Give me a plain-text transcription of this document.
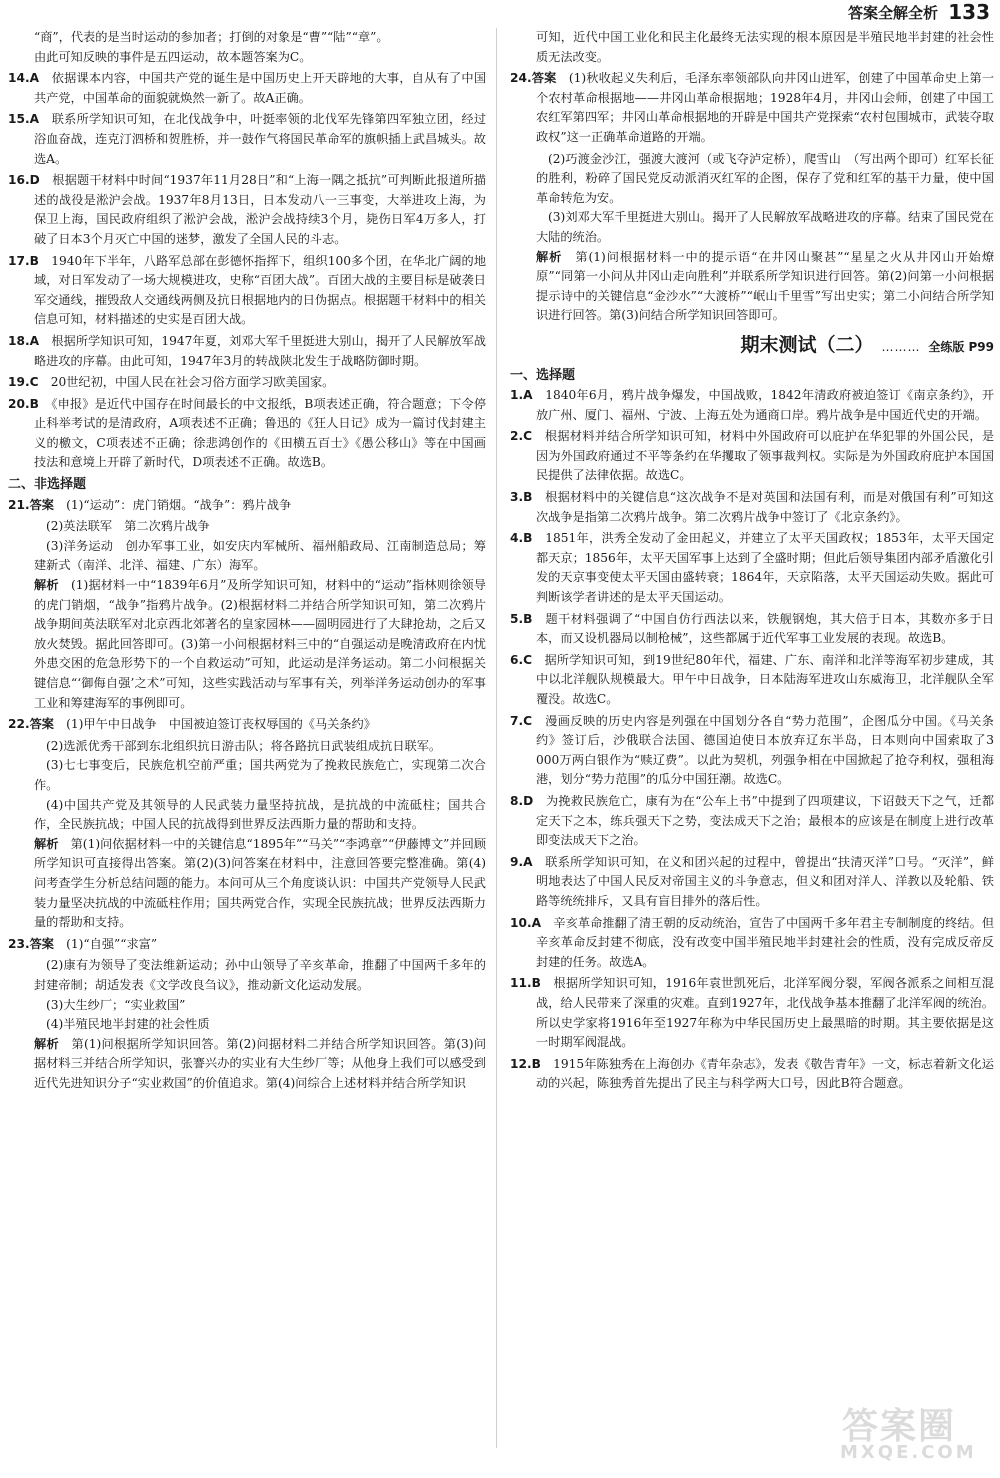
答案全解全析 133
“商”，代表的是当时运动的参加者；打倒的对象是“曹”“陆”“章”。
由此可知反映的事件是五四运动，故本题答案为C。
14.A　 依据课本内容，中国共产党的诞生是中国历史上开天辟地的大事，自从有了中国共产党，中国革命的面貌就焕然一新了。故A正确。
15.A　 联系所学知识可知，在北伐战争中，叶挺率领的北伐军先锋第四军独立团，经过浴血奋战，连克汀泗桥和贺胜桥，并一鼓作气将国民革命军的旗帜插上武昌城头。故选A。
16.D　 根据题干材料中时间“1937年11月28日”和“上海一隅之抵抗”可判断此报道所描述的战役是淞沪会战。1937年8月13日，日本发动八一三事变，大举进攻上海，为保卫上海，国民政府组织了淞沪会战，淞沪会战持续3个月，毙伤日军4万多人，打破了日本3个月灭亡中国的迷梦，激发了全国人民的斗志。
17.B　 1940年下半年，八路军总部在彭德怀指挥下，组织100多个团，在华北广阔的地域，对日军发动了一场大规模进攻，史称“百团大战”。百团大战的主要目标是破袭日军交通线，摧毁敌人交通线两侧及抗日根据地内的日伪据点。根据题干材料中的相关信息可知，材料描述的史实是百团大战。
18.A　 根据所学知识可知，1947年夏，刘邓大军千里挺进大别山，揭开了人民解放军战略进攻的序幕。由此可知，1947年3月的转战陕北发生于战略防御时期。
19.C　 20世纪初，中国人民在社会习俗方面学习欧美国家。
20.B　 《申报》是近代中国存在时间最长的中文报纸，B项表述正确，符合题意；下令停止科举考试的是清政府，A项表述不正确；鲁迅的《狂人日记》成为一篇讨伐封建主义的檄文，C项表述不正确；徐悲鸿创作的《田横五百士》《愚公移山》等在中国画技法和意境上开辟了新时代，D项表述不正确。故选B。
二、非选择题
21.答案　 (1)“运动”：虎门销烟。“战争”：鸦片战争
(2)英法联军　第二次鸦片战争
(3)洋务运动　创办军事工业，如安庆内军械所、福州船政局、江南制造总局；筹建新式（南洋、北洋、福建、广东）海军。
解析　 (1)据材料一中“1839年6月”及所学知识可知，材料中的“运动”指林则徐领导的虎门销烟，“战争”指鸦片战争。(2)根据材料二并结合所学知识可知，第二次鸦片战争期间英法联军对北京西北郊著名的皇家园林——圆明园进行了大肆抢劫，之后又放火焚毁。据此回答即可。(3)第一小问根据材料三中的“自强运动是晚清政府在内忧外患交困的危急形势下的一个自救运动”可知，此运动是洋务运动。第二小问根据关键信息“‘御侮自强’之术”可知，这些实践活动与军事有关，列举洋务运动创办的军事工业和筹建海军的事例即可。
22.答案　 (1)甲午中日战争　中国被迫签订丧权辱国的《马关条约》
(2)选派优秀干部到东北组织抗日游击队；将各路抗日武装组成抗日联军。
(3)七七事变后，民族危机空前严重；国共两党为了挽救民族危亡，实现第二次合作。
(4)中国共产党及其领导的人民武装力量坚持抗战，是抗战的中流砥柱；国共合作，全民族抗战；中国人民的抗战得到世界反法西斯力量的帮助和支持。
解析　 第(1)问依据材料一中的关键信息“1895年”“马关”“李鸿章”“伊藤博文”并回顾所学知识可直接得出答案。第(2)(3)问答案在材料中，注意回答要完整准确。第(4)问考查学生分析总结问题的能力。本问可从三个角度谈认识：中国共产党领导人民武装力量坚决抗战的中流砥柱作用；国共两党合作，实现全民族抗战；世界反法西斯力量的帮助和支持。
23.答案　 (1)“自强”“求富”
(2)康有为领导了变法维新运动；孙中山领导了辛亥革命，推翻了中国两千多年的封建帝制；胡适发表《文学改良刍议》，推动新文化运动发展。
(3)大生纱厂；“实业救国”
(4)半殖民地半封建的社会性质
解析　 第(1)问根据所学知识回答。第(2)问据材料二并结合所学知识回答。第(3)问据材料三并结合所学知识，张謇兴办的实业有大生纱厂等；从他身上我们可以感受到近代先进知识分子“实业救国”的价值追求。第(4)问综合上述材料并结合所学知识
可知，近代中国工业化和民主化最终无法实现的根本原因是半殖民地半封建的社会性质无法改变。
24.答案　 (1)秋收起义失利后，毛泽东率领部队向井冈山进军，创建了中国革命史上第一个农村革命根据地——井冈山革命根据地；1928年4月，井冈山会师，创建了中国工农红军第四军；井冈山革命根据地的开辟是中国共产党探索“农村包围城市，武装夺取政权”这一正确革命道路的开端。
(2)巧渡金沙江，强渡大渡河（或飞夺泸定桥），爬雪山　（写出两个即可）红军长征的胜利，粉碎了国民党反动派消灭红军的企图，保存了党和红军的基干力量，使中国革命转危为安。
(3)刘邓大军千里挺进大别山。揭开了人民解放军战略进攻的序幕。结束了国民党在大陆的统治。
解析　 第(1)问根据材料一中的提示语“在井冈山聚甚”“星星之火从井冈山开始燎原”“同第一小问从井冈山走向胜利”并联系所学知识进行回答。第(2)问第一小问根据提示诗中的关键信息“金沙水”“大渡桥”“岷山千里雪”写出史实；第二小问结合所学知识进行回答。第(3)问结合所学知识回答即可。
期末测试（二） ……… 全练版 P99
一、选择题
1.A　 1840年6月，鸦片战争爆发，中国战败，1842年清政府被迫签订《南京条约》，开放广州、厦门、福州、宁波、上海五处为通商口岸。鸦片战争是中国近代史的开端。
2.C　 根据材料并结合所学知识可知，材料中外国政府可以庇护在华犯罪的外国公民，是因为外国政府通过不平等条约在华攫取了领事裁判权。实际是为外国政府庇护本国国民提供了法律依据。故选C。
3.B　 根据材料中的关键信息“这次战争不是对英国和法国有利，而是对俄国有利”可知这次战争是指第二次鸦片战争。第二次鸦片战争中签订了《北京条约》。
4.B　 1851年，洪秀全发动了金田起义，并建立了太平天国政权；1853年，太平天国定都天京；1856年，太平天国军事上达到了全盛时期；但此后领导集团内部矛盾激化引发的天京事变使太平天国由盛转衰；1864年，天京陷落，太平天国运动失败。据此可判断该学者讲述的是太平天国运动。
5.B　 题干材料强调了“中国自仿行西法以来，铁舰钢炮，其大倍于日本，其数亦多于日本，而又设机器局以制枪械”，这些都属于近代军事工业发展的表现。故选B。
6.C　 据所学知识可知，到19世纪80年代，福建、广东、南洋和北洋等海军初步建成，其中以北洋舰队规模最大。甲午中日战争，日本陆海军进攻山东威海卫，北洋舰队全军覆没。故选C。
7.C　 漫画反映的历史内容是列强在中国划分各自“势力范围”，企图瓜分中国。《马关条约》签订后，沙俄联合法国、德国迫使日本放弃辽东半岛，日本则向中国索取了3 000万两白银作为“赎辽费”。以此为契机，列强争相在中国掀起了抢夺利权，强租海港，划分“势力范围”的瓜分中国狂潮。故选C。
8.D　 为挽救民族危亡，康有为在“公车上书”中提到了四项建议，下诏鼓天下之气，迁都定天下之本，练兵强天下之势，变法成天下之治；最根本的应该是在制度上进行改革即变法成天下之治。
9.A　 联系所学知识可知，在义和团兴起的过程中，曾提出“扶清灭洋”口号。“灭洋”，鲜明地表达了中国人民反对帝国主义的斗争意志，但义和团对洋人、洋教以及轮船、铁路等统统排斥，又具有盲目排外的落后性。
10.A　 辛亥革命推翻了清王朝的反动统治，宣告了中国两千多年君主专制制度的终结。但辛亥革命反封建不彻底，没有改变中国半殖民地半封建社会的性质，没有完成反帝反封建的任务。故选A。
11.B　 根据所学知识可知，1916年袁世凯死后，北洋军阀分裂，军阀各派系之间相互混战，给人民带来了深重的灾难。直到1927年，北伐战争基本推翻了北洋军阀的统治。所以史学家将1916年至1927年称为中华民国历史上最黑暗的时期。其主要依据是这一时期军阀混战。
12.B　 1915年陈独秀在上海创办《青年杂志》，发表《敬告青年》一文，标志着新文化运动的兴起，陈独秀首先提出了民主与科学两大口号，因此B符合题意。
答案圈
MXQE.COM
